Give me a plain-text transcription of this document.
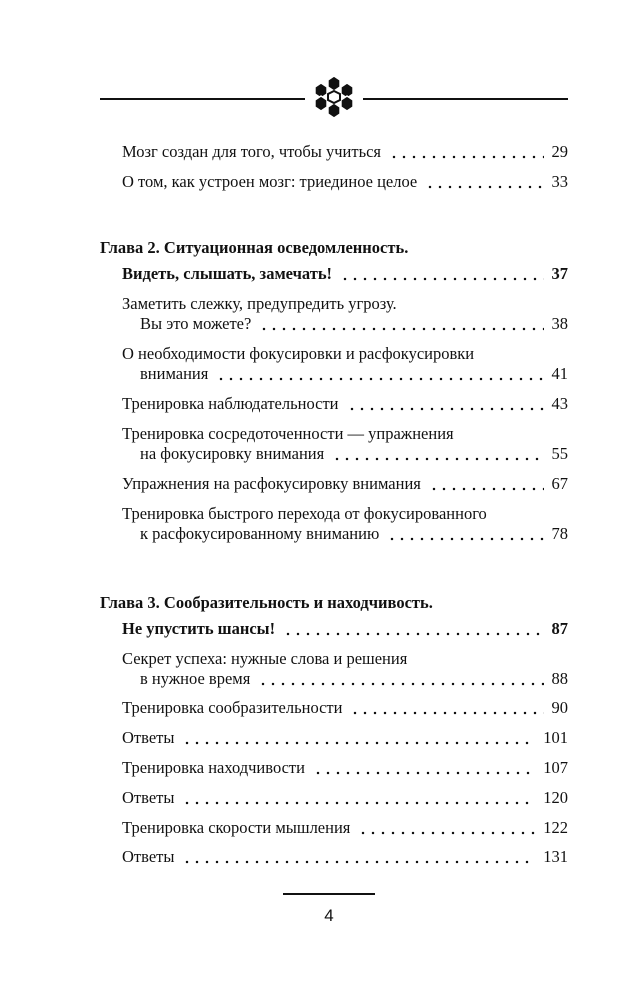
Мозг создан для того, чтобы учиться	29
О том, как устроен мозг: триединое целое	33
Глава 2. Ситуационная осведомленность.
Видеть, слышать, замечать!	37
Заметить слежку, предупредить угрозу.
Вы это можете?	38
О необходимости фокусировки и расфокусировки
внимания	41
Тренировка наблюдательности	43
Тренировка сосредоточенности — упражнения
на фокусировку внимания	55
Упражнения на расфокусировку внимания	67
Тренировка быстрого перехода от фокусированного
к расфокусированному вниманию	78
Глава 3. Сообразительность и находчивость.
Не упустить шансы!	87
Секрет успеха: нужные слова и решения
в нужное время	88
Тренировка сообразительности	90
Ответы	101
Тренировка находчивости	107
Ответы	120
Тренировка скорости мышления	122
Ответы	131
4
